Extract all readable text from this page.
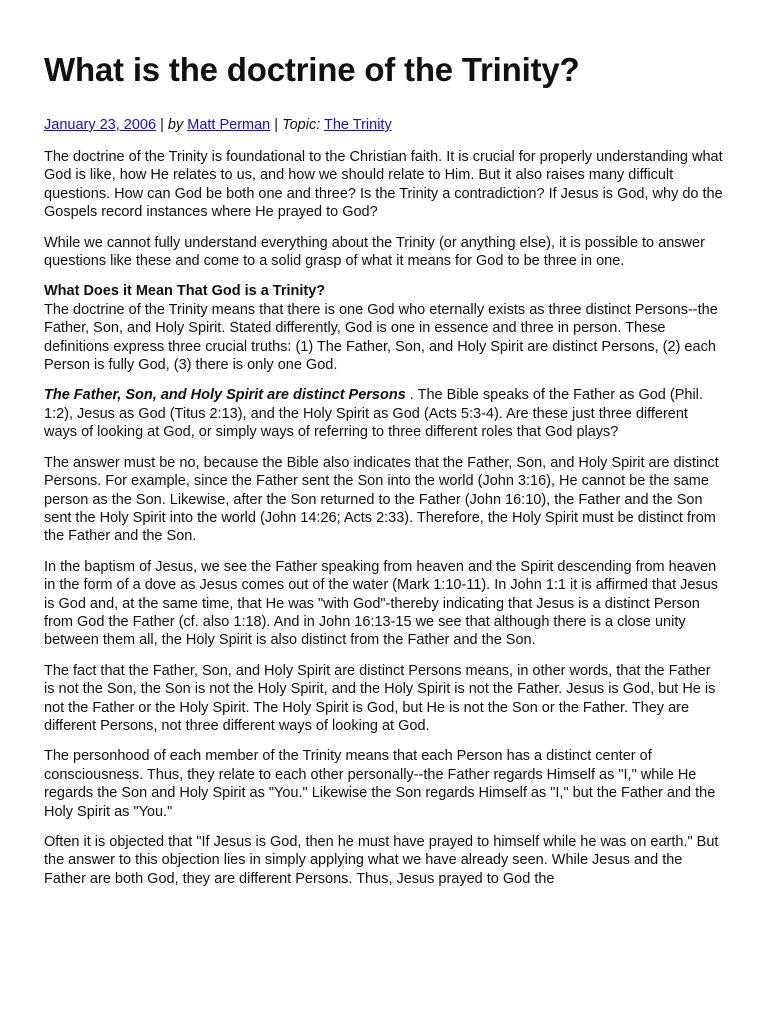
What is the doctrine of the Trinity?
January 23, 2006 | by Matt Perman | Topic: The Trinity

The doctrine of the Trinity is foundational to the Christian faith. It is crucial for properly understanding what God is like, how He relates to us, and how we should relate to Him. But it also raises many difficult questions. How can God be both one and three? Is the Trinity a contradiction? If Jesus is God, why do the Gospels record instances where He prayed to God?

While we cannot fully understand everything about the Trinity (or anything else), it is possible to answer questions like these and come to a solid grasp of what it means for God to be three in one.

What Does it Mean That God is a Trinity?
The doctrine of the Trinity means that there is one God who eternally exists as three distinct Persons--the Father, Son, and Holy Spirit. Stated differently, God is one in essence and three in person. These definitions express three crucial truths: (1) The Father, Son, and Holy Spirit are distinct Persons, (2) each Person is fully God, (3) there is only one God.

The Father, Son, and Holy Spirit are distinct Persons . The Bible speaks of the Father as God (Phil. 1:2), Jesus as God (Titus 2:13), and the Holy Spirit as God (Acts 5:3-4). Are these just three different ways of looking at God, or simply ways of referring to three different roles that God plays?

The answer must be no, because the Bible also indicates that the Father, Son, and Holy Spirit are distinct Persons. For example, since the Father sent the Son into the world (John 3:16), He cannot be the same person as the Son. Likewise, after the Son returned to the Father (John 16:10), the Father and the Son sent the Holy Spirit into the world (John 14:26; Acts 2:33). Therefore, the Holy Spirit must be distinct from the Father and the Son.

In the baptism of Jesus, we see the Father speaking from heaven and the Spirit descending from heaven in the form of a dove as Jesus comes out of the water (Mark 1:10-11). In John 1:1 it is affirmed that Jesus is God and, at the same time, that He was "with God"-thereby indicating that Jesus is a distinct Person from God the Father (cf. also 1:18). And in John 16:13-15 we see that although there is a close unity between them all, the Holy Spirit is also distinct from the Father and the Son.

The fact that the Father, Son, and Holy Spirit are distinct Persons means, in other words, that the Father is not the Son, the Son is not the Holy Spirit, and the Holy Spirit is not the Father. Jesus is God, but He is not the Father or the Holy Spirit. The Holy Spirit is God, but He is not the Son or the Father. They are different Persons, not three different ways of looking at God.

The personhood of each member of the Trinity means that each Person has a distinct center of consciousness. Thus, they relate to each other personally--the Father regards Himself as "I," while He regards the Son and Holy Spirit as "You." Likewise the Son regards Himself as "I," but the Father and the Holy Spirit as "You."

Often it is objected that "If Jesus is God, then he must have prayed to himself while he was on earth." But the answer to this objection lies in simply applying what we have already seen. While Jesus and the Father are both God, they are different Persons. Thus, Jesus prayed to God the
